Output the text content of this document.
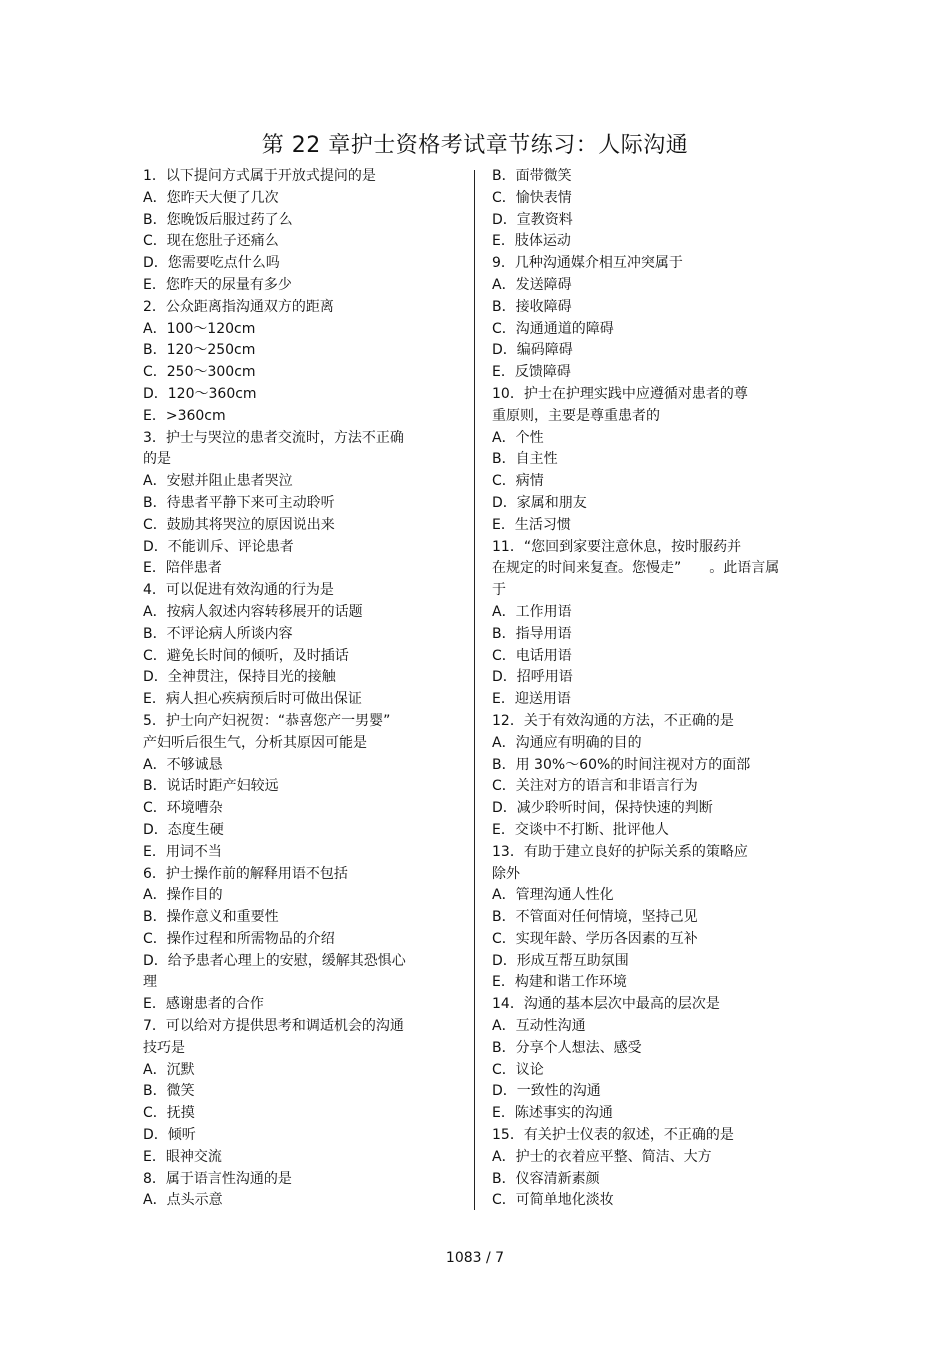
第 22 章护士资格考试章节练习：人际沟通
1．以下提问方式属于开放式提问的是
A．您昨天大便了几次
B．您晚饭后服过药了么
C．现在您肚子还痛么
D．您需要吃点什么吗
E．您昨天的尿量有多少
2．公众距离指沟通双方的距离
A．100～120cm
B．120～250cm
C．250～300cm
D．120～360cm
E．>360cm
3．护士与哭泣的患者交流时，方法不正确
的是
A．安慰并阻止患者哭泣
B．待患者平静下来可主动聆听
C．鼓励其将哭泣的原因说出来
D．不能训斥、评论患者
E．陪伴患者
4．可以促进有效沟通的行为是
A．按病人叙述内容转移展开的话题
B．不评论病人所谈内容
C．避免长时间的倾听，及时插话
D．全神贯注，保持目光的接触
E．病人担心疾病预后时可做出保证
5．护士向产妇祝贺：“恭喜您产一男婴”
产妇听后很生气，分析其原因可能是
A．不够诚恳
B．说话时距产妇较远
C．环境嘈杂
D．态度生硬
E．用词不当
6．护士操作前的解释用语不包括
A．操作目的
B．操作意义和重要性
C．操作过程和所需物品的介绍
D．给予患者心理上的安慰，缓解其恐惧心
理
E．感谢患者的合作
7．可以给对方提供思考和调适机会的沟通
技巧是
A．沉默
B．微笑
C．抚摸
D．倾听
E．眼神交流
8．属于语言性沟通的是
A．点头示意
B．面带微笑
C．愉快表情
D．宣教资料
E．肢体运动
9．几种沟通媒介相互冲突属于
A．发送障碍
B．接收障碍
C．沟通通道的障碍
D．编码障碍
E．反馈障碍
10．护士在护理实践中应遵循对患者的尊
重原则，主要是尊重患者的
A．个性
B．自主性
C．病情
D．家属和朋友
E．生活习惯
11．“您回到家要注意休息，按时服药并
在规定的时间来复查。您慢走”　　。此语言属
于
A．工作用语
B．指导用语
C．电话用语
D．招呼用语
E．迎送用语
12．关于有效沟通的方法，不正确的是
A．沟通应有明确的目的
B．用 30%～60%的时间注视对方的面部
C．关注对方的语言和非语言行为
D．减少聆听时间，保持快速的判断
E．交谈中不打断、批评他人
13．有助于建立良好的护际关系的策略应
除外
A．管理沟通人性化
B．不管面对任何情境，坚持己见
C．实现年龄、学历各因素的互补
D．形成互帮互助氛围
E．构建和谐工作环境
14．沟通的基本层次中最高的层次是
A．互动性沟通
B．分享个人想法、感受
C．议论
D．一致性的沟通
E．陈述事实的沟通
15．有关护士仪表的叙述，不正确的是
A．护士的衣着应平整、简洁、大方
B．仪容清新素颜
C．可简单地化淡妆
1083 / 7
